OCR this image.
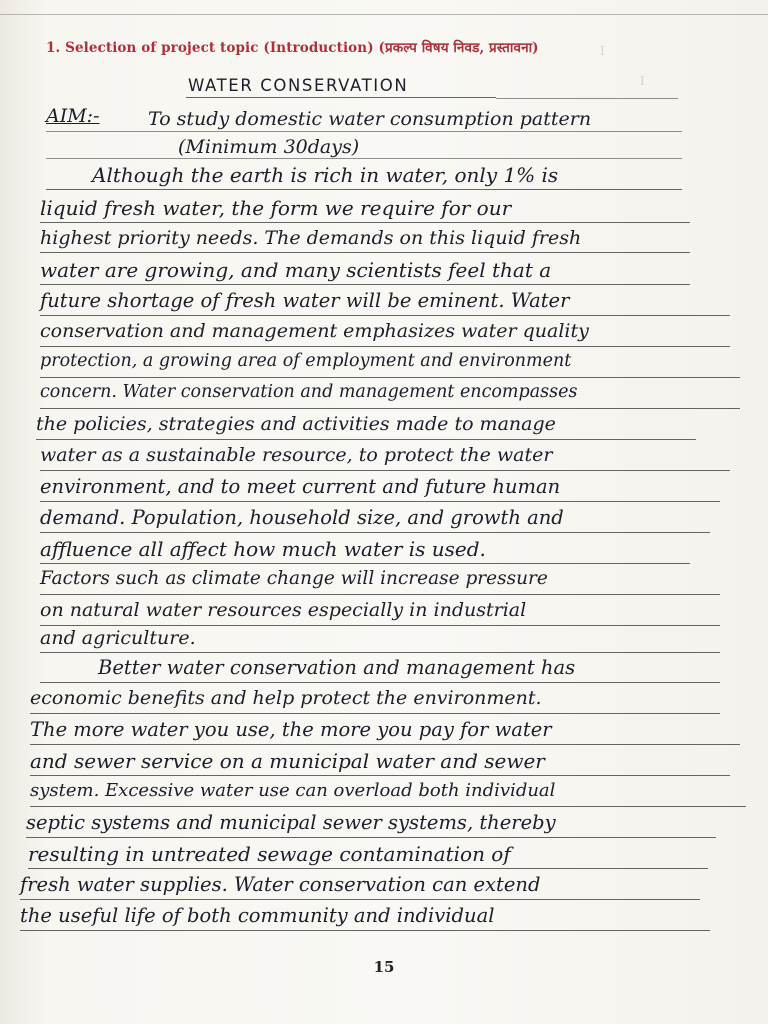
I
I
1. Selection of project topic (Introduction) (प्रकल्प विषय निवड, प्रस्तावना)
WATER CONSERVATION
AIM:-	To study domestic water consumption pattern
(Minimum 30days)
Although the earth is rich in water, only 1% is
liquid fresh water, the form we require for our
highest priority needs. The demands on this liquid fresh
water are growing, and many scientists feel that a
future shortage of fresh water will be eminent. Water
conservation and management emphasizes water quality
protection, a growing area of employment and environment
concern. Water conservation and management encompasses
the policies, strategies and activities made to manage
water as a sustainable resource, to protect the water
environment, and to meet current and future human
demand. Population, household size, and growth and
affluence all affect how much water is used.
Factors such as climate change will increase pressure
on natural water resources especially in industrial
and agriculture.
Better water conservation and management has
economic benefits and help protect the environment.
The more water you use, the more you pay for water
and sewer service on a municipal water and sewer
system. Excessive water use can overload both individual
septic systems and municipal sewer systems, thereby
resulting in untreated sewage contamination of
fresh water supplies. Water conservation can extend
the useful life of both community and individual
15
